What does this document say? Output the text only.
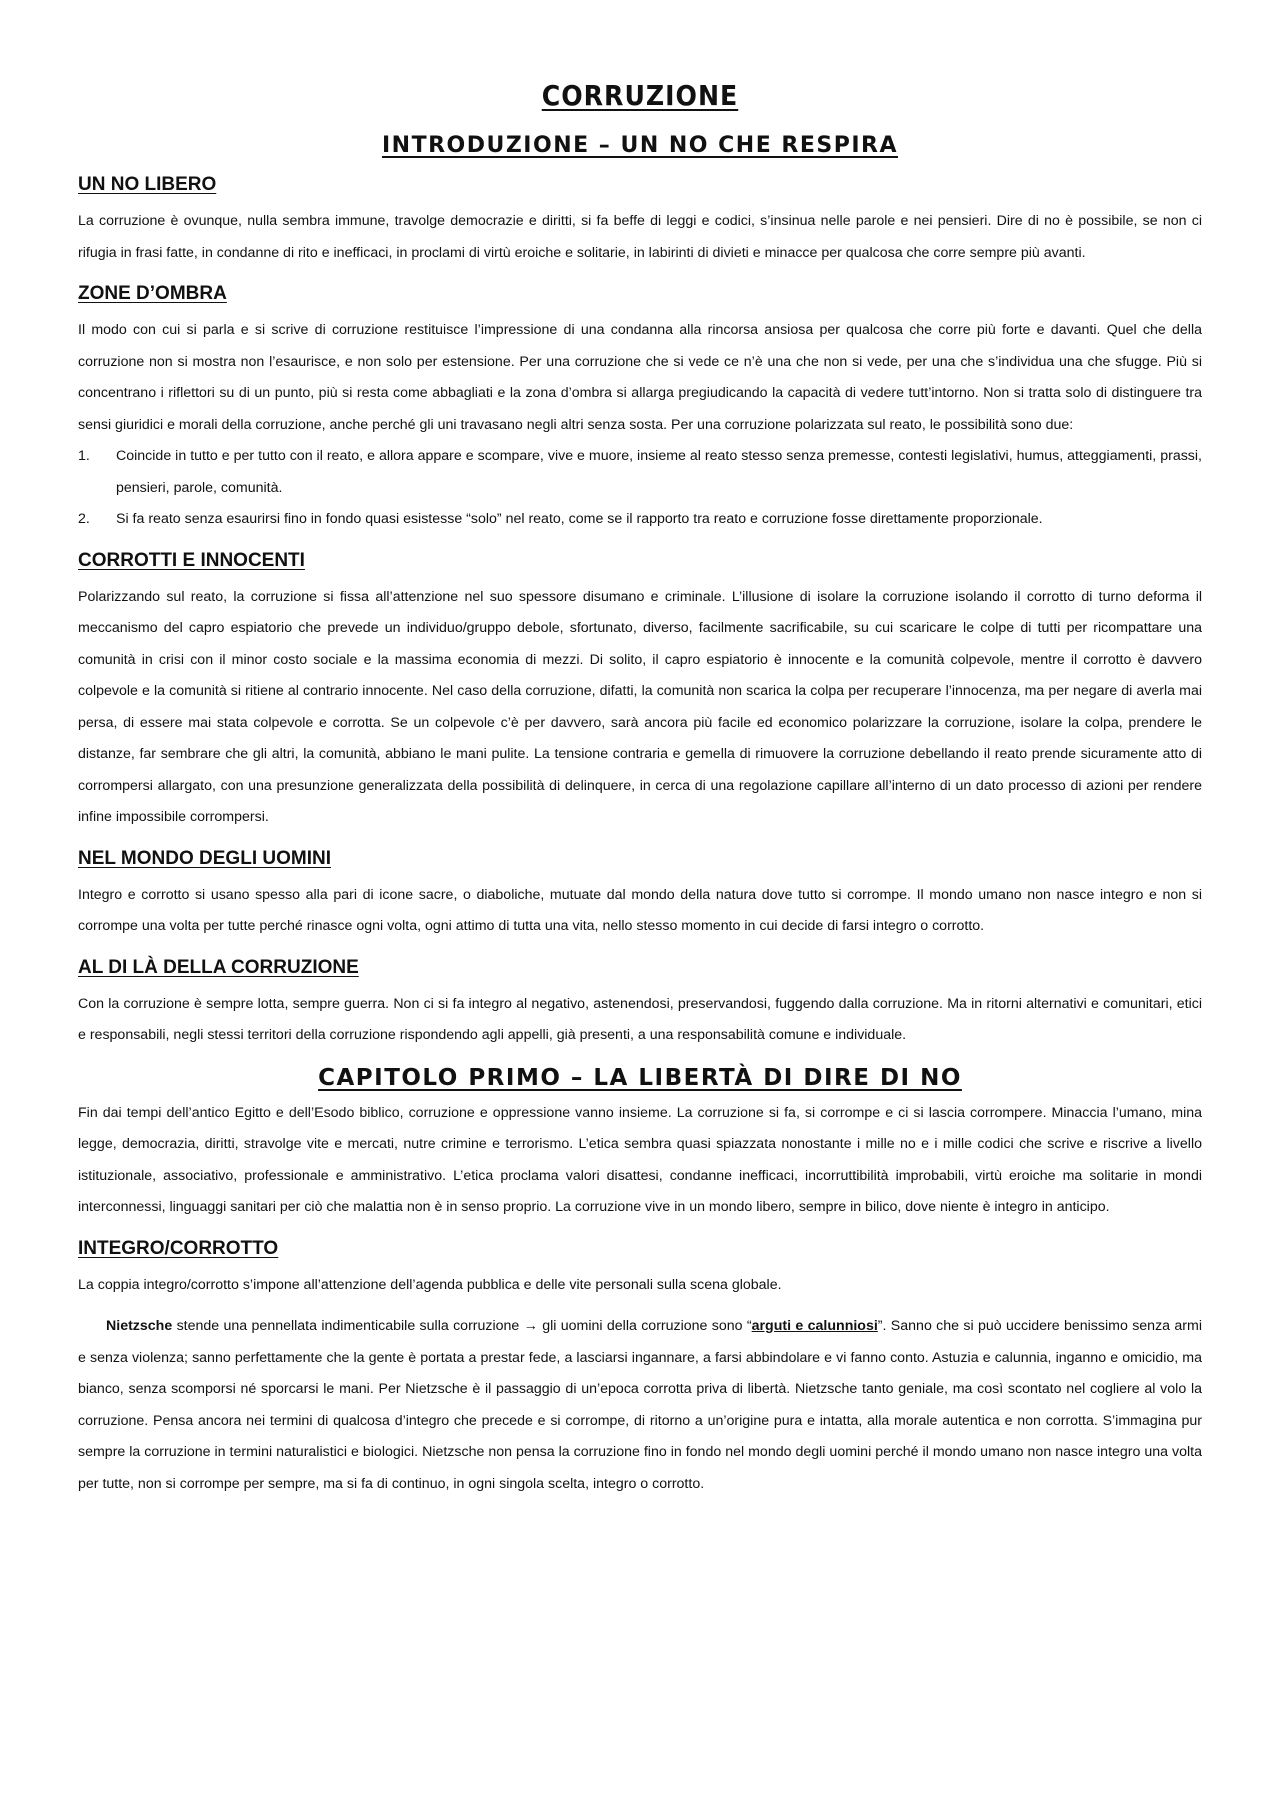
CORRUZIONE
INTRODUZIONE – UN NO CHE RESPIRA
UN NO LIBERO

La corruzione è ovunque, nulla sembra immune, travolge democrazie e diritti, si fa beffe di leggi e codici, s’insinua nelle parole e nei pensieri. Dire di no è possibile, se non ci rifugia in frasi fatte, in condanne di rito e inefficaci, in proclami di virtù eroiche e solitarie, in labirinti di divieti e minacce per qualcosa che corre sempre più avanti.

ZONE D’OMBRA

Il modo con cui si parla e si scrive di corruzione restituisce l’impressione di una condanna alla rincorsa ansiosa per qualcosa che corre più forte e davanti. Quel che della corruzione non si mostra non l’esaurisce, e non solo per estensione. Per una corruzione che si vede ce n’è una che non si vede, per una che s’individua una che sfugge. Più si concentrano i riflettori su di un punto, più si resta come abbagliati e la zona d’ombra si allarga pregiudicando la capacità di vedere tutt’intorno. Non si tratta solo di distinguere tra sensi giuridici e morali della corruzione, anche perché gli uni travasano negli altri senza sosta. Per una corruzione polarizzata sul reato, le possibilità sono due:

1.	Coincide in tutto e per tutto con il reato, e allora appare e scompare, vive e muore, insieme al reato stesso senza premesse, contesti legislativi, humus, atteggiamenti, prassi, pensieri, parole, comunità.
2.	Si fa reato senza esaurirsi fino in fondo quasi esistesse “solo” nel reato, come se il rapporto tra reato e corruzione fosse direttamente proporzionale.
CORROTTI E INNOCENTI

Polarizzando sul reato, la corruzione si fissa all’attenzione nel suo spessore disumano e criminale. L’illusione di isolare la corruzione isolando il corrotto di turno deforma il meccanismo del capro espiatorio che prevede un individuo/gruppo debole, sfortunato, diverso, facilmente sacrificabile, su cui scaricare le colpe di tutti per ricompattare una comunità in crisi con il minor costo sociale e la massima economia di mezzi. Di solito, il capro espiatorio è innocente e la comunità colpevole, mentre il corrotto è davvero colpevole e la comunità si ritiene al contrario innocente. Nel caso della corruzione, difatti, la comunità non scarica la colpa per recuperare l’innocenza, ma per negare di averla mai persa, di essere mai stata colpevole e corrotta. Se un colpevole c’è per davvero, sarà ancora più facile ed economico polarizzare la corruzione, isolare la colpa, prendere le distanze, far sembrare che gli altri, la comunità, abbiano le mani pulite. La tensione contraria e gemella di rimuovere la corruzione debellando il reato prende sicuramente atto di corrompersi allargato, con una presunzione generalizzata della possibilità di delinquere, in cerca di una regolazione capillare all’interno di un dato processo di azioni per rendere infine impossibile corrompersi.

NEL MONDO DEGLI UOMINI

Integro e corrotto si usano spesso alla pari di icone sacre, o diaboliche, mutuate dal mondo della natura dove tutto si corrompe. Il mondo umano non nasce integro e non si corrompe una volta per tutte perché rinasce ogni volta, ogni attimo di tutta una vita, nello stesso momento in cui decide di farsi integro o corrotto.

AL DI LÀ DELLA CORRUZIONE

Con la corruzione è sempre lotta, sempre guerra. Non ci si fa integro al negativo, astenendosi, preservandosi, fuggendo dalla corruzione. Ma in ritorni alternativi e comunitari, etici e responsabili, negli stessi territori della corruzione rispondendo agli appelli, già presenti, a una responsabilità comune e individuale.

CAPITOLO PRIMO – LA LIBERTÀ DI DIRE DI NO

Fin dai tempi dell’antico Egitto e dell’Esodo biblico, corruzione e oppressione vanno insieme. La corruzione si fa, si corrompe e ci si lascia corrompere. Minaccia l’umano, mina legge, democrazia, diritti, stravolge vite e mercati, nutre crimine e terrorismo. L’etica sembra quasi spiazzata nonostante i mille no e i mille codici che scrive e riscrive a livello istituzionale, associativo, professionale e amministrativo. L’etica proclama valori disattesi, condanne inefficaci, incorruttibilità improbabili, virtù eroiche ma solitarie in mondi interconnessi, linguaggi sanitari per ciò che malattia non è in senso proprio. La corruzione vive in un mondo libero, sempre in bilico, dove niente è integro in anticipo.

INTEGRO/CORROTTO

La coppia integro/corrotto s’impone all’attenzione dell’agenda pubblica e delle vite personali sulla scena globale.

Nietzsche stende una pennellata indimenticabile sulla corruzione → gli uomini della corruzione sono “arguti e calunniosi”. Sanno che si può uccidere benissimo senza armi e senza violenza; sanno perfettamente che la gente è portata a prestar fede, a lasciarsi ingannare, a farsi abbindolare e vi fanno conto. Astuzia e calunnia, inganno e omicidio, ma bianco, senza scomporsi né sporcarsi le mani. Per Nietzsche è il passaggio di un’epoca corrotta priva di libertà. Nietzsche tanto geniale, ma così scontato nel cogliere al volo la corruzione. Pensa ancora nei termini di qualcosa d’integro che precede e si corrompe, di ritorno a un’origine pura e intatta, alla morale autentica e non corrotta. S’immagina pur sempre la corruzione in termini naturalistici e biologici. Nietzsche non pensa la corruzione fino in fondo nel mondo degli uomini perché il mondo umano non nasce integro una volta per tutte, non si corrompe per sempre, ma si fa di continuo, in ogni singola scelta, integro o corrotto.
